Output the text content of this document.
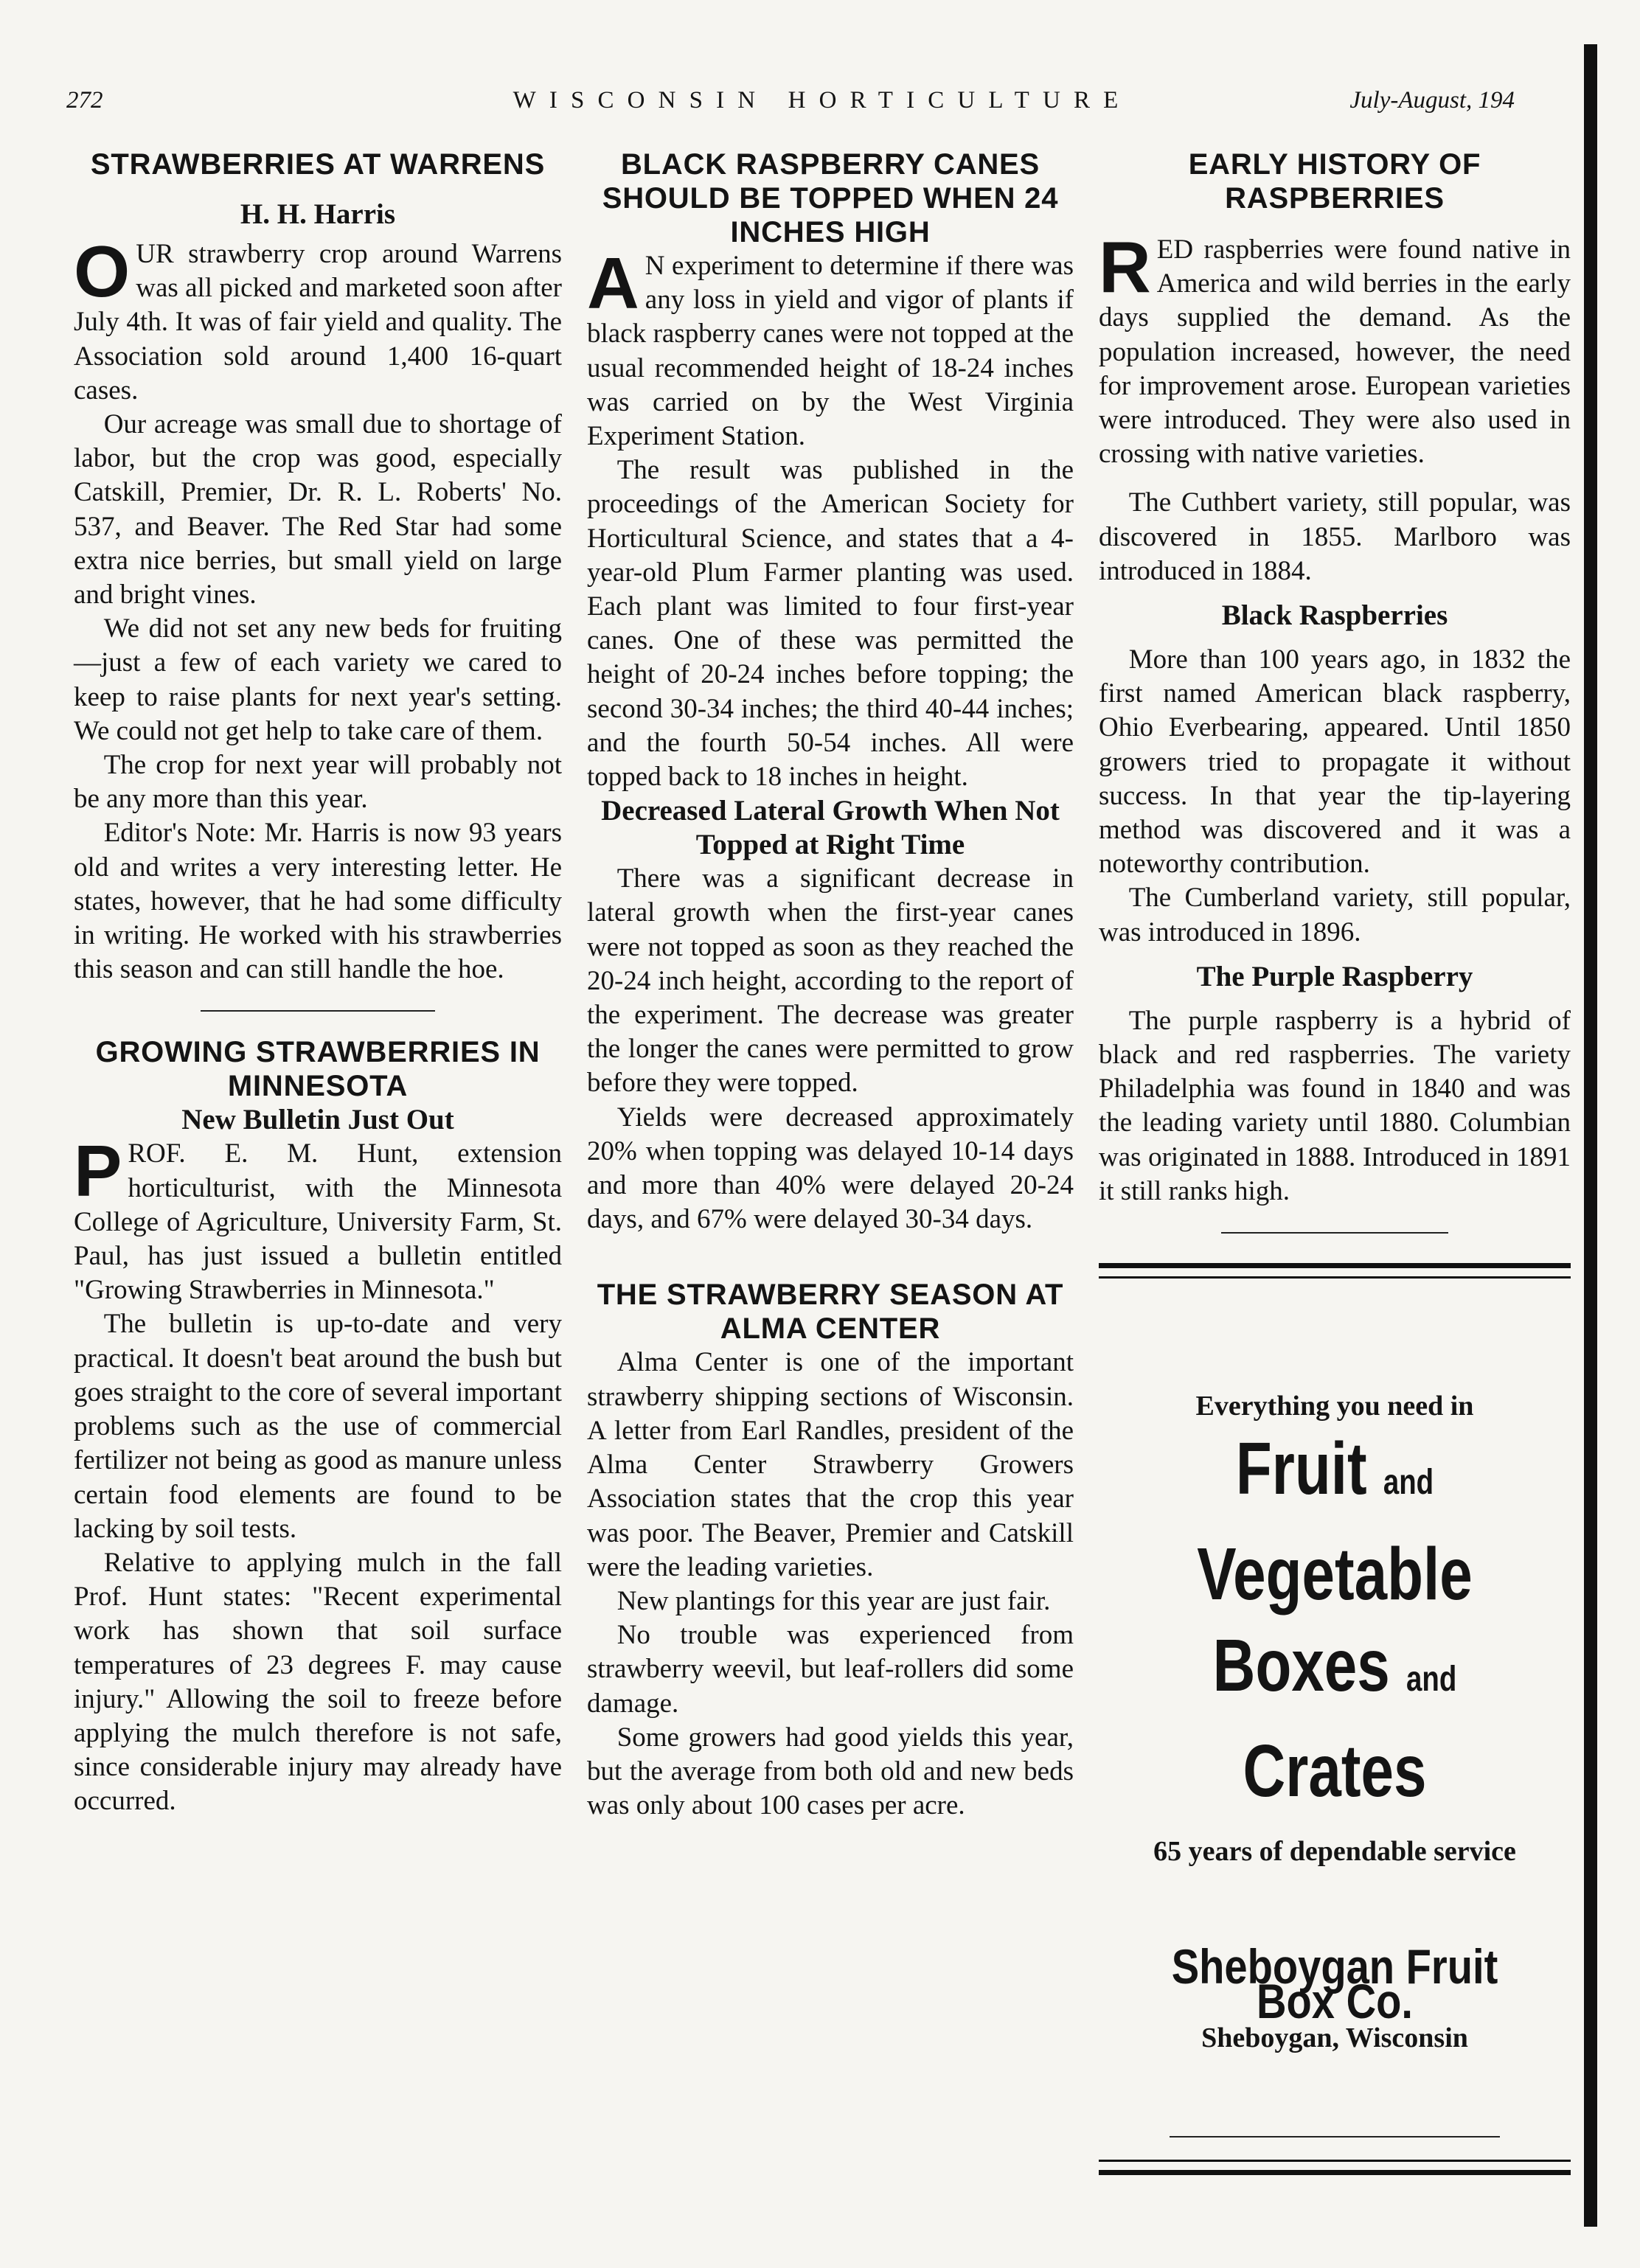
272	WISCONSIN HORTICULTURE	July-August, 194
STRAWBERRIES AT WARRENS
H. H. Harris

OUR strawberry crop around Warrens was all picked and marketed soon after July 4th. It was of fair yield and quality. The Association sold around 1,400 16-quart cases.

Our acreage was small due to shortage of labor, but the crop was good, especially Catskill, Premier, Dr. R. L. Roberts' No. 537, and Beaver. The Red Star had some extra nice berries, but small yield on large and bright vines.

We did not set any new beds for fruiting—just a few of each variety we cared to keep to raise plants for next year's setting. We could not get help to take care of them.

The crop for next year will probably not be any more than this year.

Editor's Note: Mr. Harris is now 93 years old and writes a very interesting letter. He states, however, that he had some difficulty in writing. He worked with his strawberries this season and can still handle the hoe.

GROWING STRAWBERRIES IN MINNESOTA
New Bulletin Just Out

PROF. E. M. Hunt, extension horticulturist, with the Minnesota College of Agriculture, University Farm, St. Paul, has just issued a bulletin entitled "Growing Strawberries in Minnesota."

The bulletin is up-to-date and very practical. It doesn't beat around the bush but goes straight to the core of several important problems such as the use of commercial fertilizer not being as good as manure unless certain food elements are found to be lacking by soil tests.

Relative to applying mulch in the fall Prof. Hunt states: "Recent experimental work has shown that soil surface temperatures of 23 degrees F. may cause injury." Allowing the soil to freeze before applying the mulch therefore is not safe, since considerable injury may already have occurred.

BLACK RASPBERRY CANES SHOULD BE TOPPED WHEN 24 INCHES HIGH

A N experiment to determine if there was any loss in yield and vigor of plants if black raspberry canes were not topped at the usual recommended height of 18-24 inches was carried on by the West Virginia Experiment Station.

The result was published in the proceedings of the American Society for Horticultural Science, and states that a 4-year-old Plum Farmer planting was used. Each plant was limited to four first-year canes. One of these was permitted the height of 20-24 inches before topping; the second 30-34 inches; the third 40-44 inches; and the fourth 50-54 inches. All were topped back to 18 inches in height.

Decreased Lateral Growth When Not Topped at Right Time

There was a significant decrease in lateral growth when the first-year canes were not topped as soon as they reached the 20-24 inch height, according to the report of the experiment. The decrease was greater the longer the canes were permitted to grow before they were topped.

Yields were decreased approximately 20% when topping was delayed 10-14 days and more than 40% were delayed 20-24 days, and 67% were delayed 30-34 days.

THE STRAWBERRY SEASON AT ALMA CENTER

Alma Center is one of the important strawberry shipping sections of Wisconsin. A letter from Earl Randles, president of the Alma Center Strawberry Growers Association states that the crop this year was poor. The Beaver, Premier and Catskill were the leading varieties.

New plantings for this year are just fair.

No trouble was experienced from strawberry weevil, but leaf-rollers did some damage.

Some growers had good yields this year, but the average from both old and new beds was only about 100 cases per acre.

EARLY HISTORY OF RASPBERRIES

RED raspberries were found native in America and wild berries in the early days supplied the demand. As the population increased, however, the need for improvement arose. European varieties were introduced. They were also used in crossing with native varieties.

The Cuthbert variety, still popular, was discovered in 1855. Marlboro was introduced in 1884.

Black Raspberries

More than 100 years ago, in 1832 the first named American black raspberry, Ohio Everbearing, appeared. Until 1850 growers tried to propagate it without success. In that year the tip-layering method was discovered and it was a noteworthy contribution.

The Cumberland variety, still popular, was introduced in 1896.

The Purple Raspberry

The purple raspberry is a hybrid of black and red raspberries. The variety Philadelphia was found in 1840 and was the leading variety until 1880. Columbian was originated in 1888. Introduced in 1891 it still ranks high.

Everything you need in
Fruit and Vegetable
Boxes and Crates
65 years of dependable service
Sheboygan Fruit Box Co.
Sheboygan, Wisconsin
